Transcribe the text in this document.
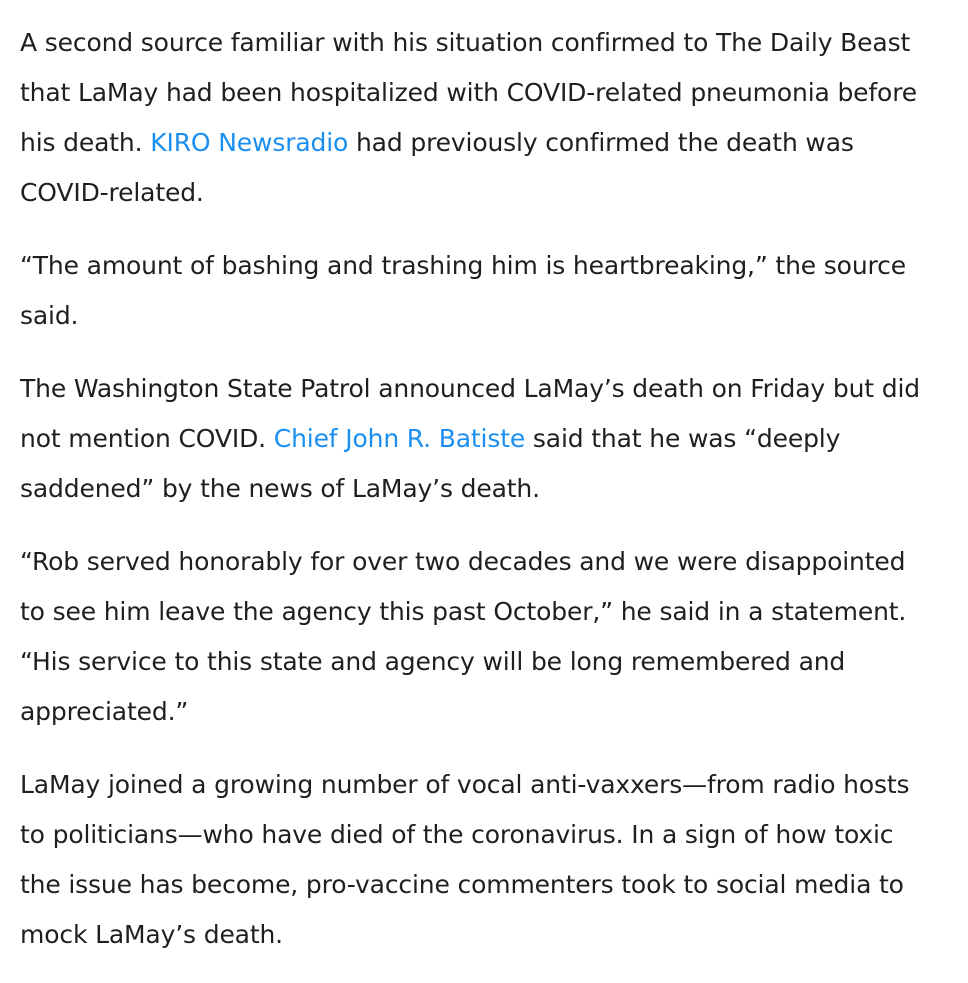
A second source familiar with his situation confirmed to The Daily Beast that LaMay had been hospitalized with COVID-related pneumonia before his death. KIRO Newsradio had previously confirmed the death was COVID-related.

“The amount of bashing and trashing him is heartbreaking,” the source said.

The Washington State Patrol announced LaMay’s death on Friday but did not mention COVID. Chief John R. Batiste said that he was “deeply saddened” by the news of LaMay’s death.

“Rob served honorably for over two decades and we were disappointed to see him leave the agency this past October,” he said in a statement. “His service to this state and agency will be long remembered and appreciated.”

LaMay joined a growing number of vocal anti-vaxxers—from radio hosts to politicians—who have died of the coronavirus. In a sign of how toxic the issue has become, pro-vaccine commenters took to social media to mock LaMay’s death.
